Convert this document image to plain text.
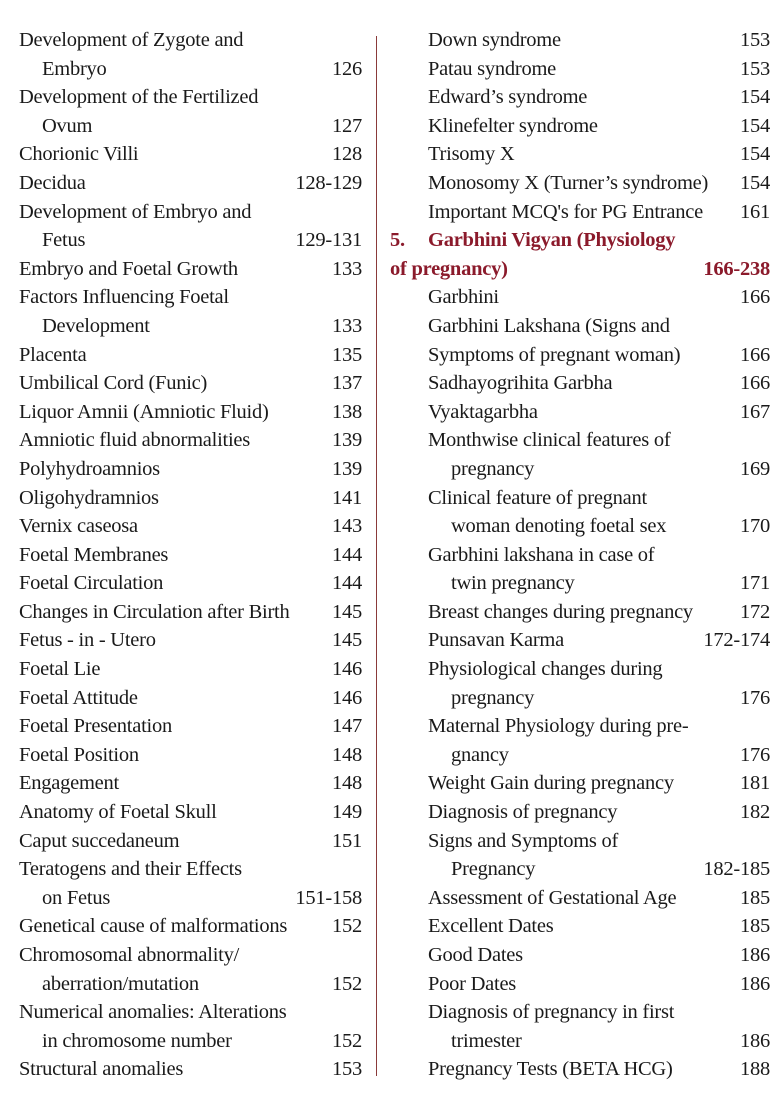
Development of Zygote and
Embryo	126
Development of the Fertilized
Ovum	127
Chorionic Villi	128
Decidua	128-129
Development of Embryo and
Fetus	129-131
Embryo and Foetal Growth	133
Factors Influencing Foetal
Development	133
Placenta	135
Umbilical Cord (Funic)	137
Liquor Amnii (Amniotic Fluid)	138
Amniotic fluid abnormalities	139
Polyhydroamnios	139
Oligohydramnios	141
Vernix caseosa	143
Foetal Membranes	144
Foetal Circulation	144
Changes in Circulation after Birth	145
Fetus - in - Utero	145
Foetal Lie	146
Foetal Attitude	146
Foetal Presentation	147
Foetal Position	148
Engagement	148
Anatomy of Foetal Skull	149
Caput succedaneum	151
Teratogens and their Effects
on Fetus	151-158
Genetical cause of malformations	152
Chromosomal abnormality/
aberration/mutation	152
Numerical anomalies: Alterations
in chromosome number	152
Structural anomalies	153
Down syndrome	153
Patau syndrome	153
Edward’s syndrome	154
Klinefelter syndrome	154
Trisomy X	154
Monosomy X (Turner’s syndrome)	154
Important MCQ's for PG Entrance	161
5. Garbhini Vigyan (Physiology
of pregnancy)	166-238
Garbhini	166
Garbhini Lakshana (Signs and
Symptoms of pregnant woman)	166
Sadhayogrihita Garbha	166
Vyaktagarbha	167
Monthwise clinical features of
pregnancy	169
Clinical feature of pregnant
woman denoting foetal sex	170
Garbhini lakshana in case of
twin pregnancy	171
Breast changes during pregnancy	172
Punsavan Karma	172-174
Physiological changes during
pregnancy	176
Maternal Physiology during pre-
gnancy	176
Weight Gain during pregnancy	181
Diagnosis of pregnancy	182
Signs and Symptoms of
Pregnancy	182-185
Assessment of Gestational Age	185
Excellent Dates	185
Good Dates	186
Poor Dates	186
Diagnosis of pregnancy in first
trimester	186
Pregnancy Tests (BETA HCG)	188
